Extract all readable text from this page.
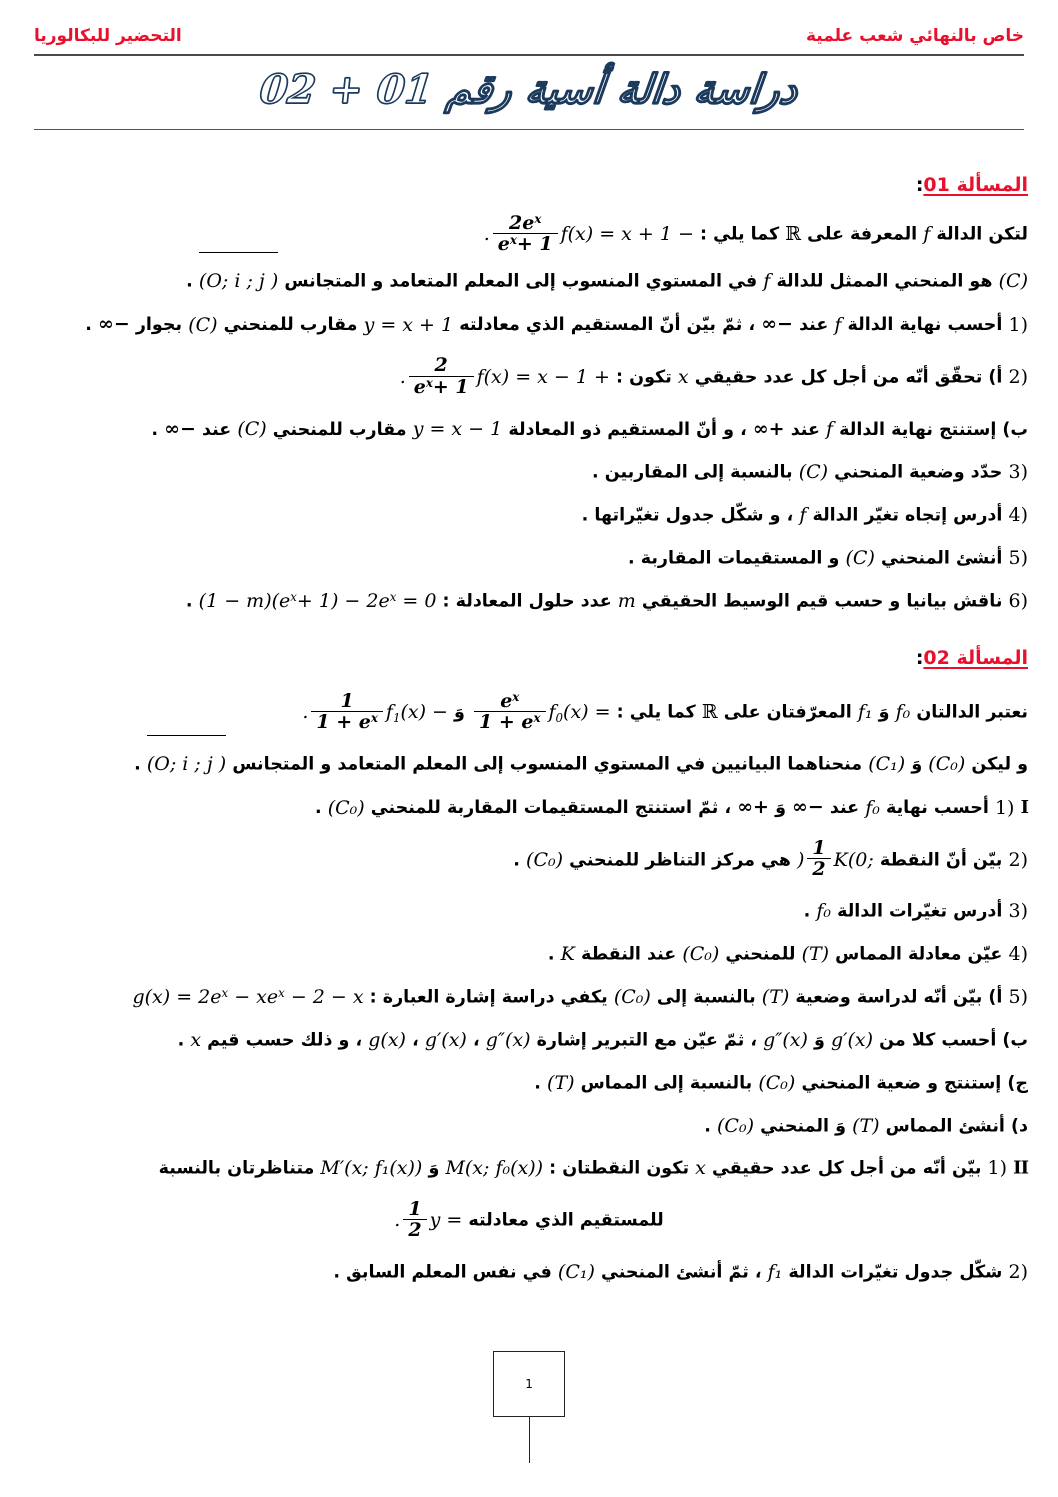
خاص بالنهائي شعب علمية
التحضير للبكالوريا
دراسة دالة أسية رقم 01 + 02
المسألة 01:
لتكن الدالة f المعرفة على ℝ كما يلي : f(x) = x + 1 −
$\frac{2e^x}{e^x+ 1}$
.
(C) هو المنحني الممثل للدالة f في المستوي المنسوب إلى المعلم المتعامد و المتجانس
(O; i ; j ) .
1) أحسب نهاية الدالة f عند −∞ ، ثمّ بيّن أنّ المستقيم الذي معادلته y = x + 1 مقارب للمنحني (C) بجوار −∞ .
2) أ) تحقّق أنّه من أجل كل عدد حقيقي x تكون : f(x) = x − 1 +
$\frac{2}{e^x+ 1}$
.
ب) إستنتج نهاية الدالة f عند +∞ ، و أنّ المستقيم ذو المعادلة y = x − 1 مقارب للمنحني (C) عند −∞ .
3) حدّد وضعية المنحني (C) بالنسبة إلى المقاربين .
4) أدرس إتجاه تغيّر الدالة f ، و شكّل جدول تغيّراتها .
5) أنشئ المنحني (C) و المستقيمات المقاربة .
6) ناقش بيانيا و حسب قيم الوسيط الحقيقي m عدد حلول المعادلة : $(1 - m)(e^x+ 1) - 2e^x = 0$ .
المسألة 02:
نعتبر الدالتان f₀ وَ f₁ المعرّفتان على ℝ كما يلي : $f_0(x)$ =
$\frac{e^x}{1 + e^x}$
وَ $f_1(x)$ −
$\frac{1}{1 + e^x}$
.
و ليكن (C₀) وَ (C₁) منحناهما البيانيين في المستوي المنسوب إلى المعلم المتعامد و المتجانس
(O; i ; j ) .
I 1) أحسب نهاية f₀ عند −∞ وَ +∞ ، ثمّ استنتج المستقيمات المقاربة للمنحني (C₀) .
2) بيّن أنّ النقطة K(0;
$\frac{1}{2}$
) هي مركز التناظر للمنحني (C₀) .
3) أدرس تغيّرات الدالة f₀ .
4) عيّن معادلة المماس (T) للمنحني (C₀) عند النقطة K .
5) أ) بيّن أنّه لدراسة وضعية (T) بالنسبة إلى (C₀) يكفي دراسة إشارة العبارة : $g(x) = 2e^x - xe^x - 2 - x$
ب) أحسب كلا من g′(x) وَ g″(x) ، ثمّ عيّن مع التبرير إشارة g″(x) ، g′(x) ، g(x) ، و ذلك حسب قيم x .
ج) إستنتج و ضعية المنحني (C₀) بالنسبة إلى المماس (T) .
د) أنشئ المماس (T) وَ المنحني (C₀) .
II 1) بيّن أنّه من أجل كل عدد حقيقي x تكون النقطتان : M(x; f₀(x)) وَ M′(x; f₁(x)) متناظرتان بالنسبة
للمستقيم الذي معادلته y =
$\frac{1}{2}$
.
2) شكّل جدول تغيّرات الدالة f₁ ، ثمّ أنشئ المنحني (C₁) في نفس المعلم السابق .
1
